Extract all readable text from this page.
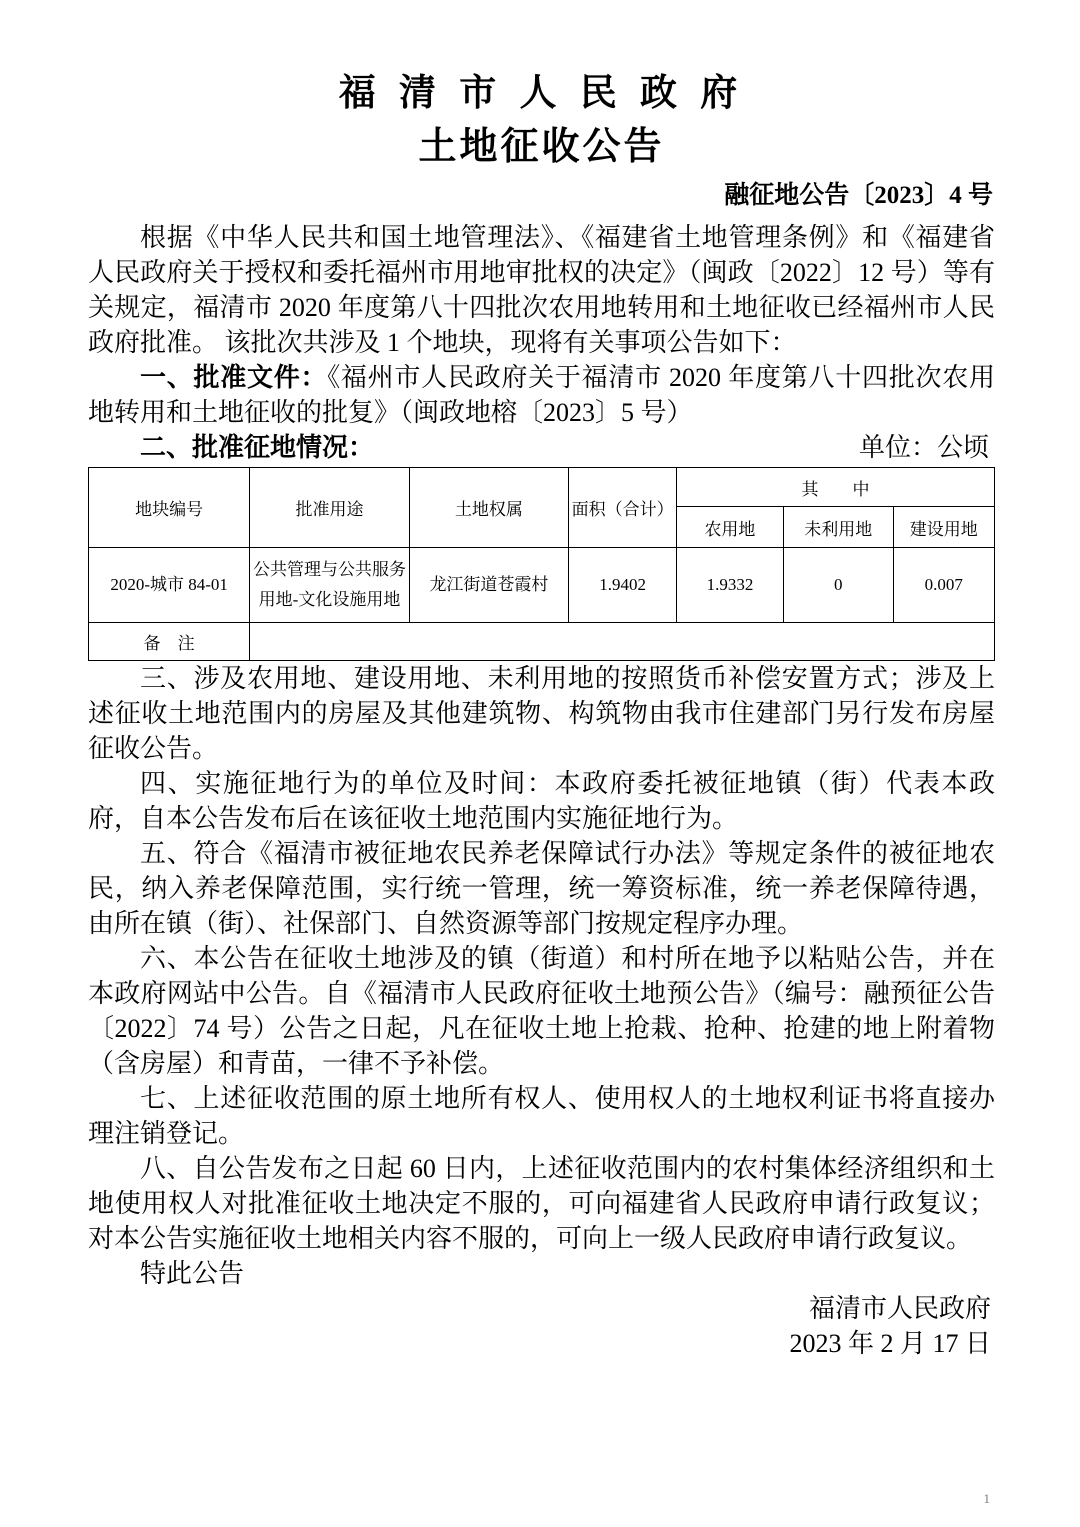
福 清 市 人 民 政 府
土地征收公告
融征地公告〔2023〕4 号

根据《中华人民共和国土地管理法》、《福建省土地管理条例》和《福建省人民政府关于授权和委托福州市用地审批权的决定》（闽政〔2022〕12 号）等有关规定，福清市 2020 年度第八十四批次农用地转用和土地征收已经福州市人民政府批准。 该批次共涉及 1 个地块，现将有关事项公告如下：

一、批准文件：《福州市人民政府关于福清市 2020 年度第八十四批次农用地转用和土地征收的批复》（闽政地榕〔2023〕5 号）

二、批准征地情况：	单位：公顷
地块编号	批准用途	土地权属	面积（合计）	其　　中		
				农用地	未利用地	建设用地
2020-城市 84-01	公共管理与公共服务用地-文化设施用地	龙江街道苍霞村	1.9402	1.9332	0	0.007
备　注						

三、涉及农用地、建设用地、未利用地的按照货币补偿安置方式；涉及上述征收土地范围内的房屋及其他建筑物、构筑物由我市住建部门另行发布房屋征收公告。

四、实施征地行为的单位及时间：本政府委托被征地镇（街）代表本政府，自本公告发布后在该征收土地范围内实施征地行为。

五、符合《福清市被征地农民养老保障试行办法》等规定条件的被征地农民，纳入养老保障范围，实行统一管理，统一筹资标准，统一养老保障待遇，由所在镇（街）、社保部门、自然资源等部门按规定程序办理。

六、本公告在征收土地涉及的镇（街道）和村所在地予以粘贴公告，并在本政府网站中公告。自《福清市人民政府征收土地预公告》（编号：融预征公告〔2022〕74 号）公告之日起，凡在征收土地上抢栽、抢种、抢建的地上附着物（含房屋）和青苗，一律不予补偿。

七、上述征收范围的原土地所有权人、使用权人的土地权利证书将直接办理注销登记。

八、自公告发布之日起 60 日内，上述征收范围内的农村集体经济组织和土地使用权人对批准征收土地决定不服的，可向福建省人民政府申请行政复议；对本公告实施征收土地相关内容不服的，可向上一级人民政府申请行政复议。

特此公告

福清市人民政府
2023 年 2 月 17 日
1
